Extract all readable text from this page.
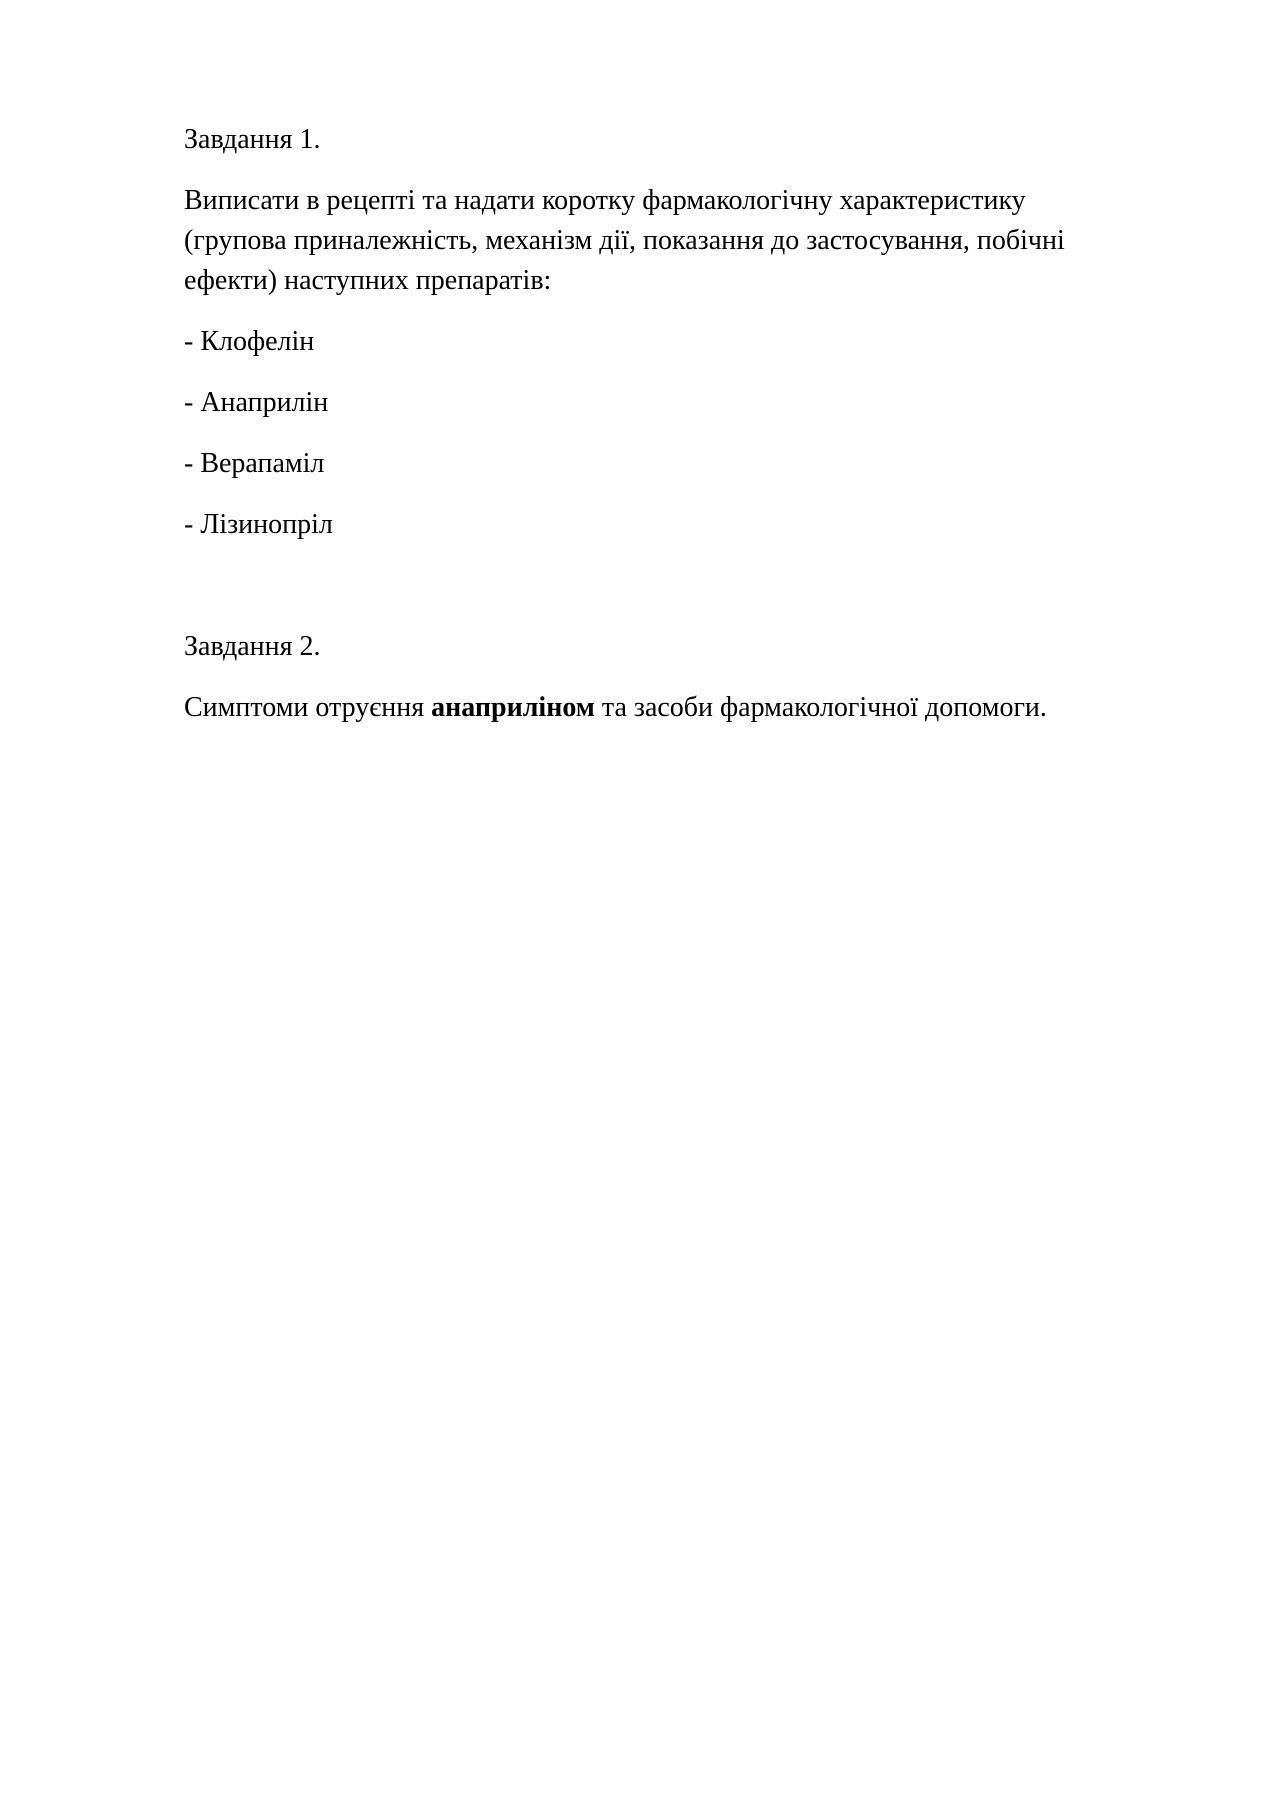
Завдання 1.

Виписати в рецепті та надати коротку фармакологічну характеристику
(групова приналежність, механізм дії, показання до застосування, побічні
ефекти) наступних препаратів:

- Клофелін

- Анаприлін

- Верапаміл

- Лізинопріл

Завдання 2.

Симптоми отруєння анаприліном та засоби фармакологічної допомоги.
